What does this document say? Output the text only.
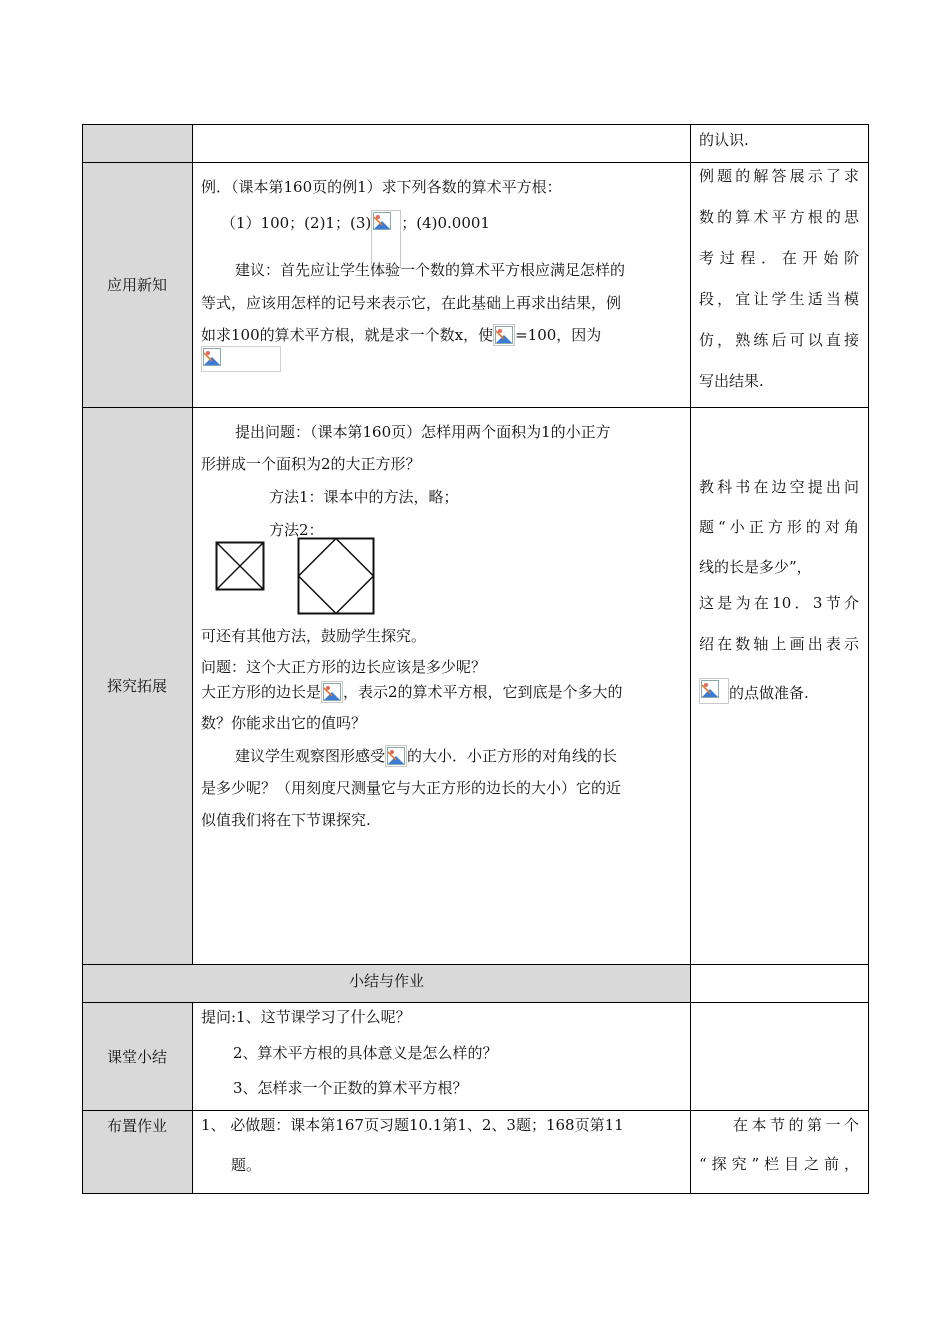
的认识.
应用新知
例．（课本第160页的例1）求下列各数的算术平方根：
（1）100；(2)1；(3) ；(4)0.0001
建议：首先应让学生体验一个数的算术平方根应满足怎样的
等式，应该用怎样的记号来表示它，在此基础上再求出结果，例
如求100的算术平方根，就是求一个数x，使 =100，因为
例题的解答展示了求
数的算术平方根的思
考过程．在开始阶
段，宜让学生适当模
仿，熟练后可以直接
写出结果.
探究拓展
提出问题：（课本第160页）怎样用两个面积为1的小正方
形拼成一个面积为2的大正方形？
方法1：课本中的方法，略；
方法2：
可还有其他方法，鼓励学生探究。
问题：这个大正方形的边长应该是多少呢？
大正方形的边长是 ，表示2的算术平方根，它到底是个多大的
数？你能求出它的值吗？
建议学生观察图形感受 的大小．小正方形的对角线的长
是多少呢？（用刻度尺测量它与大正方形的边长的大小）它的近
似值我们将在下节课探究.
教科书在边空提出问
题“小正方形的对角
线的长是多少”，
这是为在10．3节介
绍在数轴上画出表示
的点做准备.
小结与作业
课堂小结
提问:1、这节课学习了什么呢？
2、算术平方根的具体意义是怎么样的？
3、怎样求一个正数的算术平方根？
布置作业 1、 必做题：课本第167页习题10.1第1、2、3题；168页第11
题。
在本节的第一个
“探究”栏目之前，
